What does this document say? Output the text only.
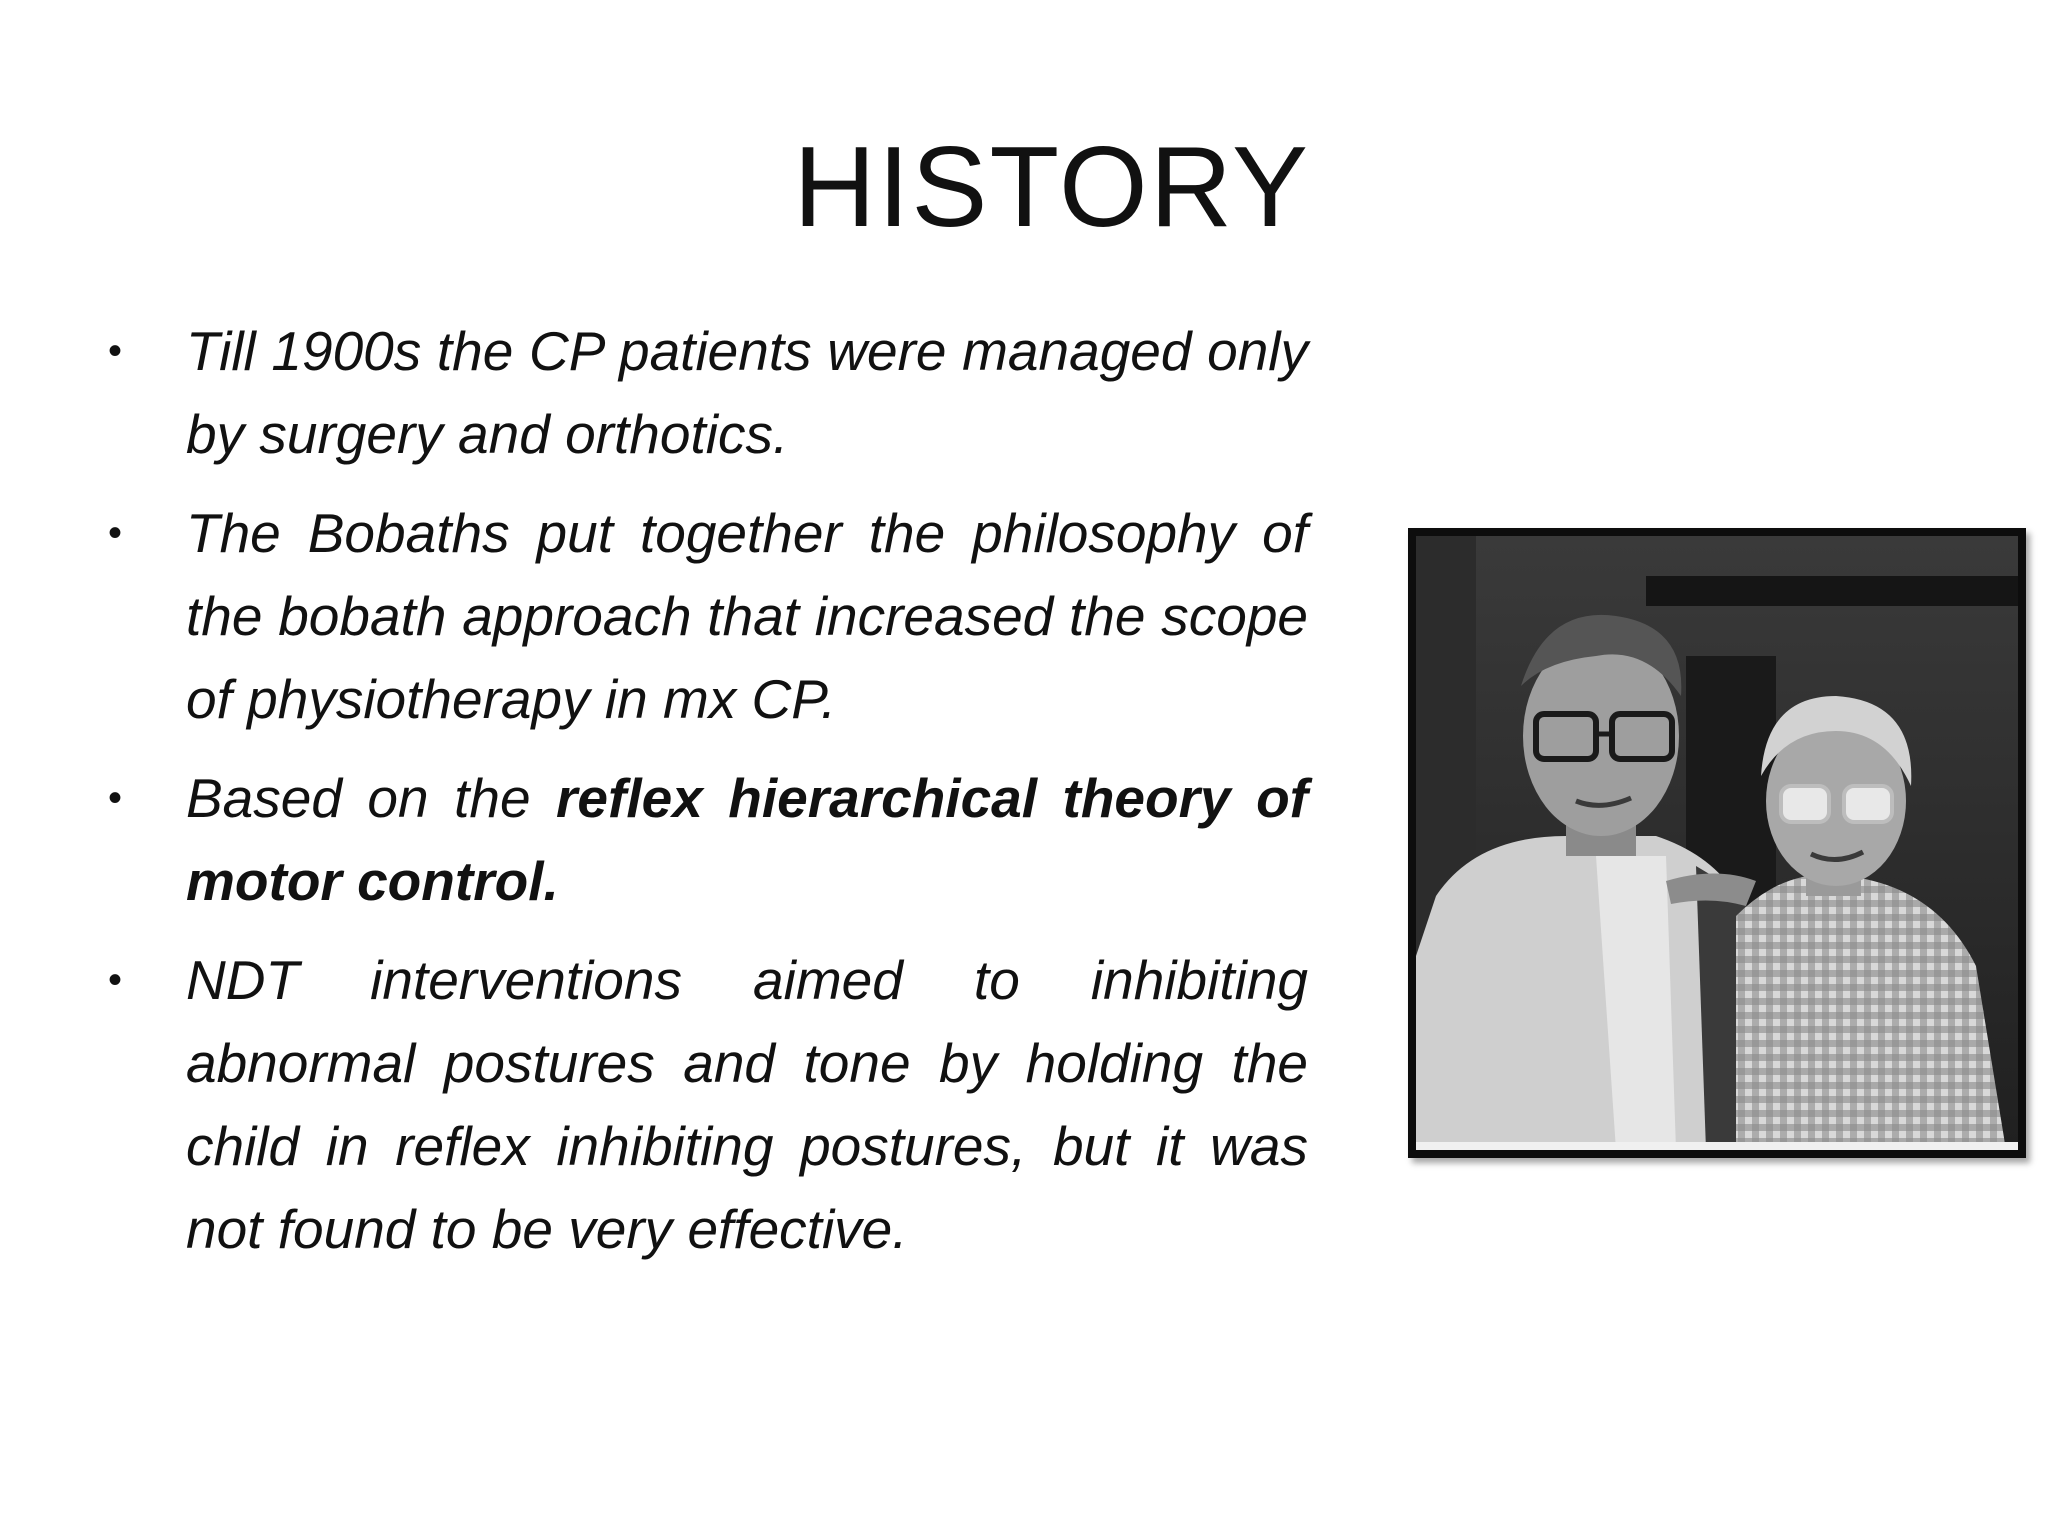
HISTORY
• Till 1900s the CP patients were managed only by surgery and orthotics.
• The Bobaths put together the philosophy of the bobath approach that increased the scope of physiotherapy in mx CP.
• Based on the reflex hierarchical theory of motor control.
• NDT interventions aimed to inhibiting abnormal postures and tone by holding the child in reflex inhibiting postures, but it was not found to be very effective.
